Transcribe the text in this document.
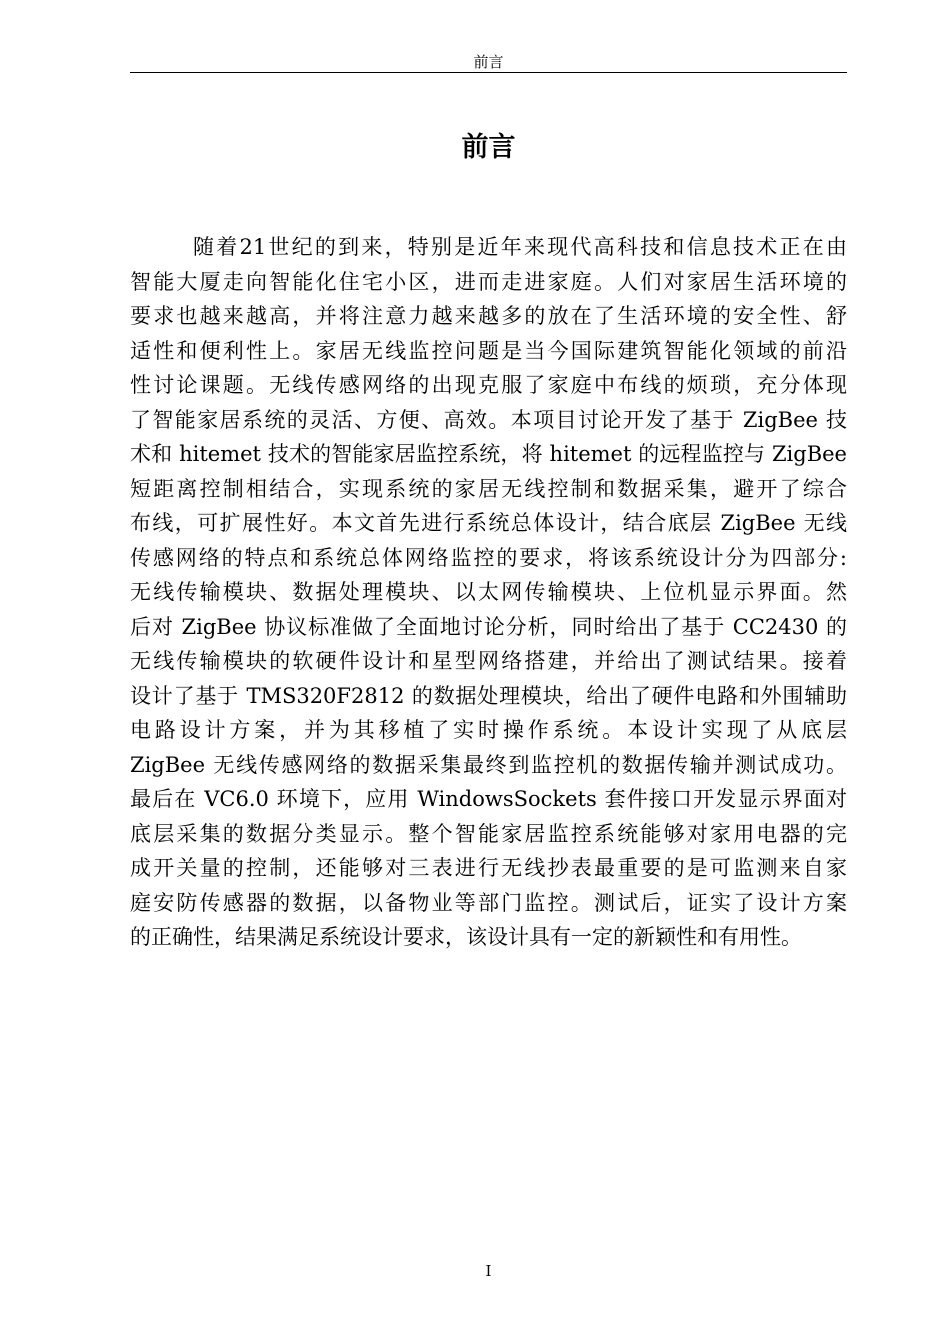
前言
前言
随着21世纪的到来，特别是近年来现代高科技和信息技术正在由
智能大厦走向智能化住宅小区，进而走进家庭。人们对家居生活环境的
要求也越来越高，并将注意力越来越多的放在了生活环境的安全性、舒
适性和便利性上。家居无线监控问题是当今国际建筑智能化领域的前沿
性讨论课题。无线传感网络的出现克服了家庭中布线的烦琐，充分体现
了智能家居系统的灵活、方便、高效。本项目讨论开发了基于 ZigBee 技
术和 hitemet 技术的智能家居监控系统，将 hitemet 的远程监控与 ZigBee
短距离控制相结合，实现系统的家居无线控制和数据采集，避开了综合
布线，可扩展性好。本文首先进行系统总体设计，结合底层 ZigBee 无线
传感网络的特点和系统总体网络监控的要求，将该系统设计分为四部分:
无线传输模块、数据处理模块、以太网传输模块、上位机显示界面。然
后对 ZigBee 协议标准做了全面地讨论分析，同时给出了基于 CC2430 的
无线传输模块的软硬件设计和星型网络搭建，并给出了测试结果。接着
设计了基于 TMS320F2812 的数据处理模块，给出了硬件电路和外围辅助
电路设计方案，并为其移植了实时操作系统。本设计实现了从底层
ZigBee 无线传感网络的数据采集最终到监控机的数据传输并测试成功。
最后在 VC6.0 环境下，应用 WindowsSockets 套件接口开发显示界面对
底层采集的数据分类显示。整个智能家居监控系统能够对家用电器的完
成开关量的控制，还能够对三表进行无线抄表最重要的是可监测来自家
庭安防传感器的数据，以备物业等部门监控。测试后，证实了设计方案
的正确性，结果满足系统设计要求，该设计具有一定的新颖性和有用性。
I
